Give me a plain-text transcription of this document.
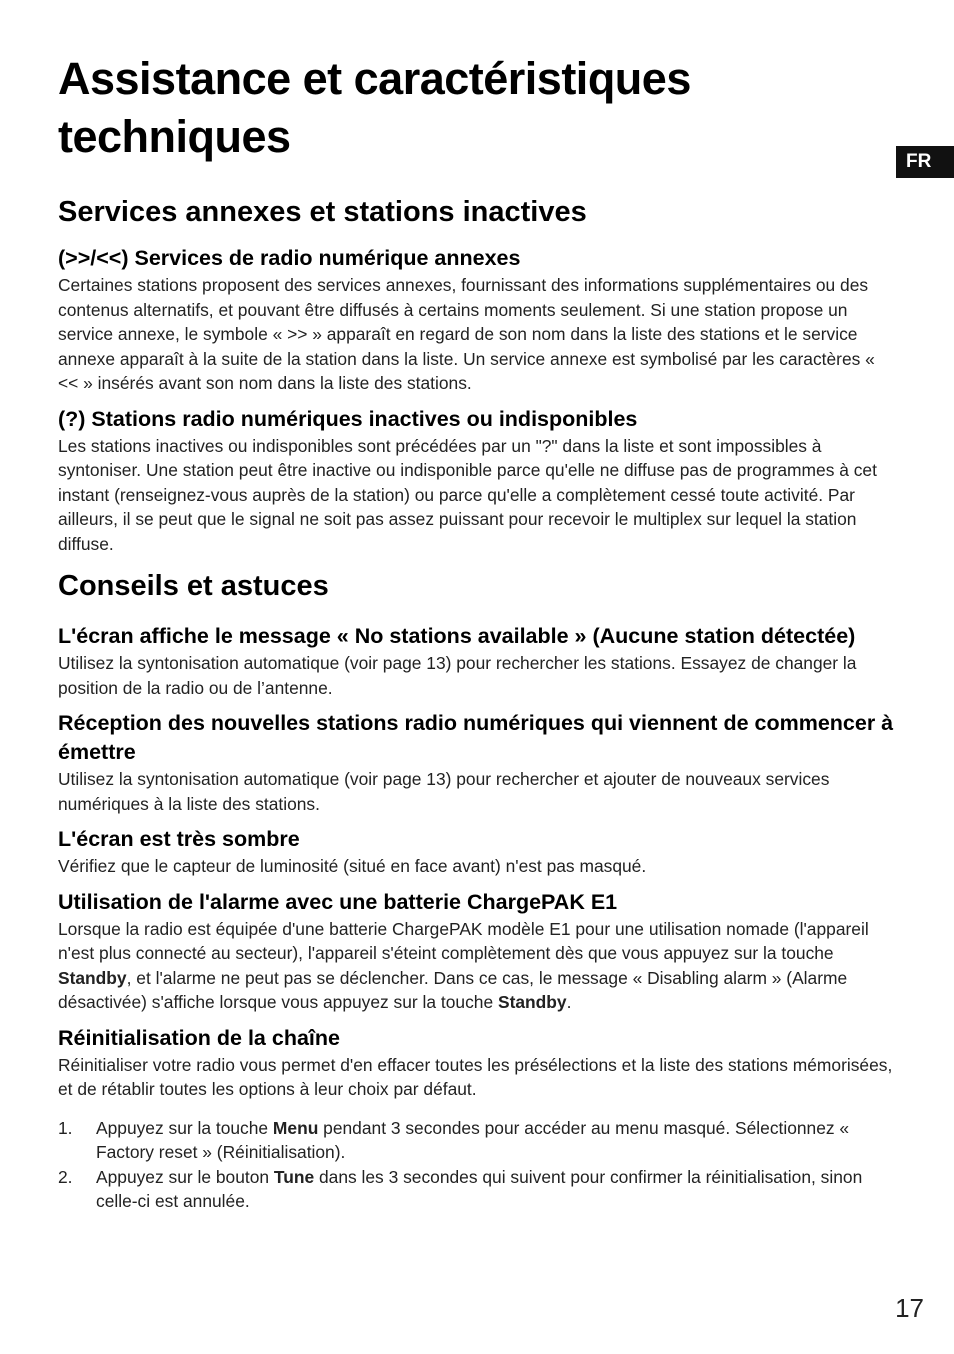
FR
Assistance et caractéristiques techniques
Services annexes et stations inactives
(>>/<<) Services de radio numérique annexes

Certaines stations proposent des services annexes, fournissant des informations supplémentaires ou des contenus alternatifs, et pouvant être diffusés à certains moments seulement. Si une station propose un service annexe, le symbole « >> » apparaît en regard de son nom dans la liste des stations et le service annexe apparaît à la suite de la station dans la liste. Un service annexe est symbolisé par les caractères « << » insérés avant son nom dans la liste des stations.

(?) Stations radio numériques inactives ou indisponibles

Les stations inactives ou indisponibles sont précédées par un "?" dans la liste et sont impossibles à syntoniser. Une station peut être inactive ou indisponible parce qu'elle ne diffuse pas de programmes à cet instant (renseignez-vous auprès de la station) ou parce qu'elle a complètement cessé toute activité. Par ailleurs, il se peut que le signal ne soit pas assez puissant pour recevoir le multiplex sur lequel la station diffuse.

Conseils et astuces
L'écran affiche le message « No stations available » (Aucune station détectée)

Utilisez la syntonisation automatique (voir page 13) pour rechercher les stations. Essayez de changer la position de la radio ou de l’antenne.

Réception des nouvelles stations radio numériques qui viennent de commencer à émettre

Utilisez la syntonisation automatique (voir page 13) pour rechercher et ajouter de nouveaux services numériques à la liste des stations.

L'écran est très sombre

Vérifiez que le capteur de luminosité (situé en face avant) n'est pas masqué.

Utilisation de l'alarme avec une batterie ChargePAK E1

Lorsque la radio est équipée d'une batterie ChargePAK modèle E1 pour une utilisation nomade (l'appareil n'est plus connecté au secteur), l'appareil s'éteint complètement dès que vous appuyez sur la touche Standby, et l'alarme ne peut pas se déclencher. Dans ce cas, le message « Disabling alarm » (Alarme désactivée) s'affiche lorsque vous appuyez sur la touche Standby.

Réinitialisation de la chaîne

Réinitialiser votre radio vous permet d'en effacer toutes les présélections et la liste des stations mémorisées, et de rétablir toutes les options à leur choix par défaut.

1. Appuyez sur la touche Menu pendant 3 secondes pour accéder au menu masqué. Sélectionnez « Factory reset » (Réinitialisation).
2. Appuyez sur le bouton Tune dans les 3 secondes qui suivent pour confirmer la réinitialisation, sinon celle-ci est annulée.
17
